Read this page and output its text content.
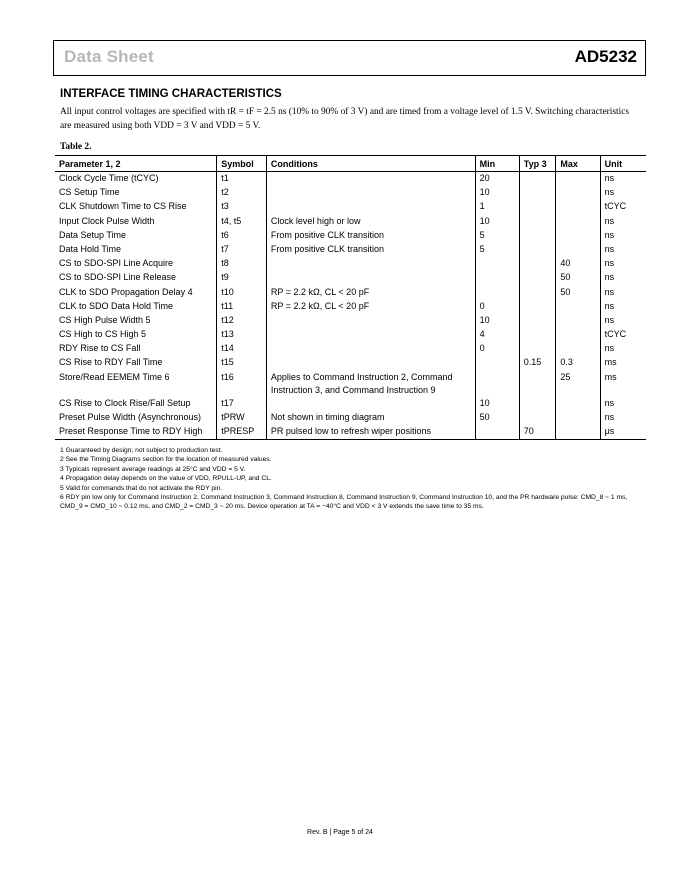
Data Sheet	AD5232
INTERFACE TIMING CHARACTERISTICS
All input control voltages are specified with tR = tF = 2.5 ns (10% to 90% of 3 V) and are timed from a voltage level of 1.5 V. Switching characteristics are measured using both VDD = 3 V and VDD = 5 V.
Table 2.
Parameter 1, 2	Symbol	Conditions	Min	Typ 3	Max	Unit
Clock Cycle Time (tCYC)	t1		20			ns
CS Setup Time	t2		10			ns
CLK Shutdown Time to CS Rise	t3		1			tCYC
Input Clock Pulse Width	t4, t5	Clock level high or low	10			ns
Data Setup Time	t6	From positive CLK transition	5			ns
Data Hold Time	t7	From positive CLK transition	5			ns
CS to SDO-SPI Line Acquire	t8				40	ns
CS to SDO-SPI Line Release	t9				50	ns
CLK to SDO Propagation Delay 4	t10	RP = 2.2 kΩ, CL < 20 pF			50	ns
CLK to SDO Data Hold Time	t11	RP = 2.2 kΩ, CL < 20 pF	0			ns
CS High Pulse Width 5	t12		10			ns
CS High to CS High 5	t13		4			tCYC
RDY Rise to CS Fall	t14		0			ns
CS Rise to RDY Fall Time	t15			0.15	0.3	ms
Store/Read EEMEM Time 6	t16	Applies to Command Instruction 2, Command Instruction 3, and Command Instruction 9			25	ms
CS Rise to Clock Rise/Fall Setup	t17		10			ns
Preset Pulse Width (Asynchronous)	tPRW	Not shown in timing diagram	50			ns
Preset Response Time to RDY High	tPRESP	PR pulsed low to refresh wiper positions		70		μs
1 Guaranteed by design; not subject to production test.
2 See the Timing Diagrams section for the location of measured values.
3 Typicals represent average readings at 25°C and VDD = 5 V.
4 Propagation delay depends on the value of VDD, RPULL-UP, and CL.
5 Valid for commands that do not activate the RDY pin.
6 RDY pin low only for Command Instruction 2, Command Instruction 3, Command Instruction 8, Command Instruction 9, Command Instruction 10, and the PR hardware pulse: CMD_8 ~ 1 ms, CMD_9 = CMD_10 ~ 0.12 ms, and CMD_2 = CMD_3 ~ 20 ms. Device operation at TA = −40°C and VDD < 3 V extends the save time to 35 ms.
Rev. B | Page 5 of 24
